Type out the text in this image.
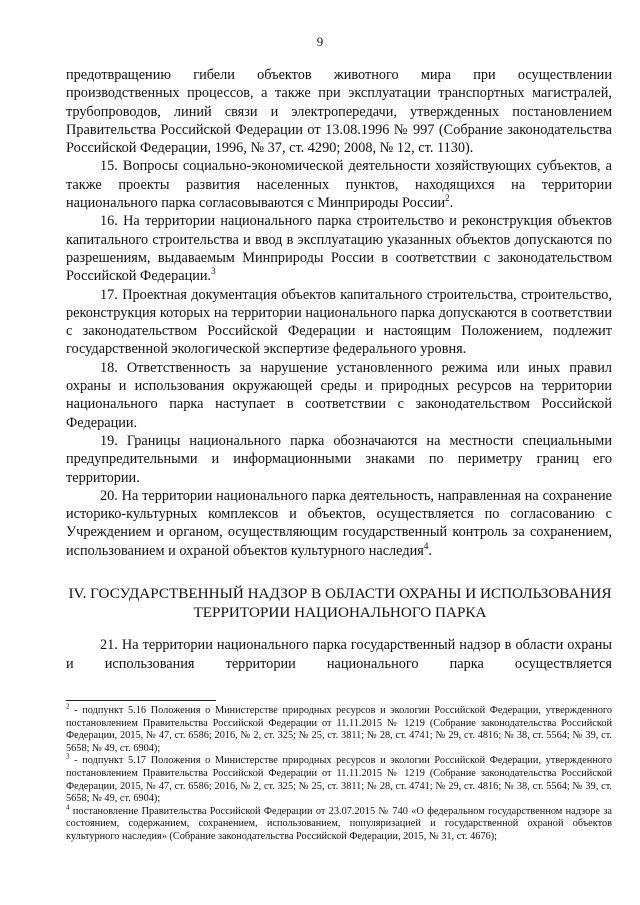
9

предотвращению гибели объектов животного мира при осуществлении производственных процессов, а также при эксплуатации транспортных магистралей, трубопроводов, линий связи и электропередачи, утвержденных постановлением Правительства Российской Федерации от 13.08.1996 № 997 (Собрание законодательства Российской Федерации, 1996, № 37, ст. 4290; 2008, № 12, ст. 1130).

15. Вопросы социально-экономической деятельности хозяйствующих субъектов, а также проекты развития населенных пунктов, находящихся на территории национального парка согласовываются с Минприроды России$^2$.

16. На территории национального парка строительство и реконструкция объектов капитального строительства и ввод в эксплуатацию указанных объектов допускаются по разрешениям, выдаваемым Минприроды России в соответствии с законодательством Российской Федерации.$^3$

17. Проектная документация объектов капитального строительства, строительство, реконструкция которых на территории национального парка допускаются в соответствии с законодательством Российской Федерации и настоящим Положением, подлежит государственной экологической экспертизе федерального уровня.

18. Ответственность за нарушение установленного режима или иных правил охраны и использования окружающей среды и природных ресурсов на территории национального парка наступает в соответствии с законодательством Российской Федерации.

19. Границы национального парка обозначаются на местности специальными предупредительными и информационными знаками по периметру границ его территории.

20. На территории национального парка деятельность, направленная на сохранение историко-культурных комплексов и объектов, осуществляется по согласованию с Учреждением и органом, осуществляющим государственный контроль за сохранением, использованием и охраной объектов культурного наследия$^4$.

IV. ГОСУДАРСТВЕННЫЙ НАДЗОР В ОБЛАСТИ ОХРАНЫ И ИСПОЛЬЗОВАНИЯ
ТЕРРИТОРИИ НАЦИОНАЛЬНОГО ПАРКА

21. На территории национального парка государственный надзор в области охраны и использования территории национального парка осуществляется

$^2$ - подпункт 5.16 Положения о Министерстве природных ресурсов и экологии Российской Федерации, утвержденного постановлением Правительства Российской Федерации от 11.11.2015 № 1219 (Собрание законодательства Российской Федерации, 2015, № 47, ст. 6586; 2016, № 2, ст. 325; № 25, ст. 3811; № 28, ст. 4741; № 29, ст. 4816; № 38, ст. 5564; № 39, ст. 5658; № 49, ст. 6904);

$^3$ - подпункт 5.17 Положения о Министерстве природных ресурсов и экологии Российской Федерации, утвержденного постановлением Правительства Российской Федерации от 11.11.2015 № 1219 (Собрание законодательства Российской Федерации, 2015, № 47, ст. 6586; 2016, № 2, ст. 325; № 25, ст. 3811; № 28, ст. 4741; № 29, ст. 4816; № 38, ст. 5564; № 39, ст. 5658; № 49, ст. 6904);

$^4$ постановление Правительства Российской Федерации от 23.07.2015 № 740 «О федеральном государственном надзоре за состоянием, содержанием, сохранением, использованием, популяризацией и государственной охраной объектов культурного наследия» (Собрание законодательства Российской Федерации, 2015, № 31, ст. 4676);
